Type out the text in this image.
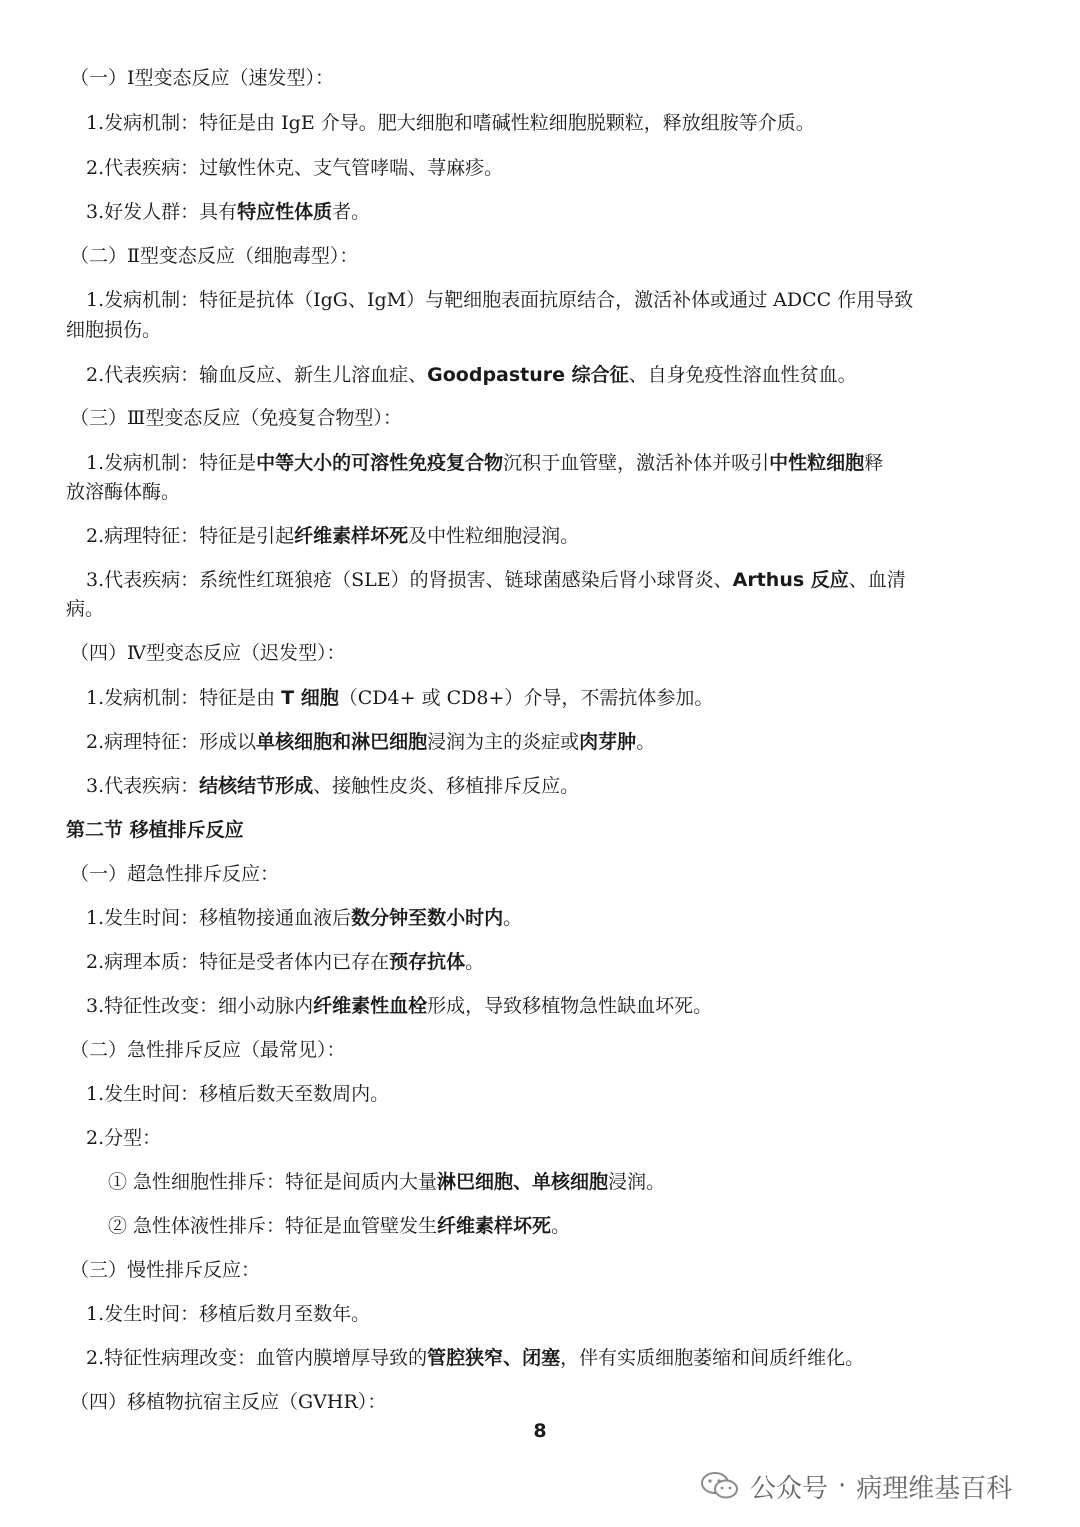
（一）Ⅰ型变态反应（速发型）：
1.发病机制：特征是由 IgE 介导。肥大细胞和嗜碱性粒细胞脱颗粒，释放组胺等介质。
2.代表疾病：过敏性休克、支气管哮喘、荨麻疹。
3.好发人群：具有特应性体质者。
（二）Ⅱ型变态反应（细胞毒型）：
1.发病机制：特征是抗体（IgG、IgM）与靶细胞表面抗原结合，激活补体或通过 ADCC 作用导致
细胞损伤。
2.代表疾病：输血反应、新生儿溶血症、Goodpasture 综合征、自身免疫性溶血性贫血。
（三）Ⅲ型变态反应（免疫复合物型）：
1.发病机制：特征是中等大小的可溶性免疫复合物沉积于血管壁，激活补体并吸引中性粒细胞释
放溶酶体酶。
2.病理特征：特征是引起纤维素样坏死及中性粒细胞浸润。
3.代表疾病：系统性红斑狼疮（SLE）的肾损害、链球菌感染后肾小球肾炎、Arthus 反应、血清
病。
（四）Ⅳ型变态反应（迟发型）：
1.发病机制：特征是由 T 细胞（CD4+ 或 CD8+）介导，不需抗体参加。
2.病理特征：形成以单核细胞和淋巴细胞浸润为主的炎症或肉芽肿。
3.代表疾病：结核结节形成、接触性皮炎、移植排斥反应。
第二节 移植排斥反应
（一）超急性排斥反应：
1.发生时间：移植物接通血液后数分钟至数小时内。
2.病理本质：特征是受者体内已存在预存抗体。
3.特征性改变：细小动脉内纤维素性血栓形成，导致移植物急性缺血坏死。
（二）急性排斥反应（最常见）：
1.发生时间：移植后数天至数周内。
2.分型：
① 急性细胞性排斥：特征是间质内大量淋巴细胞、单核细胞浸润。
② 急性体液性排斥：特征是血管壁发生纤维素样坏死。
（三）慢性排斥反应：
1.发生时间：移植后数月至数年。
2.特征性病理改变：血管内膜增厚导致的管腔狭窄、闭塞，伴有实质细胞萎缩和间质纤维化。
（四）移植物抗宿主反应（GVHR）：
8
公众号 · 病理维基百科
